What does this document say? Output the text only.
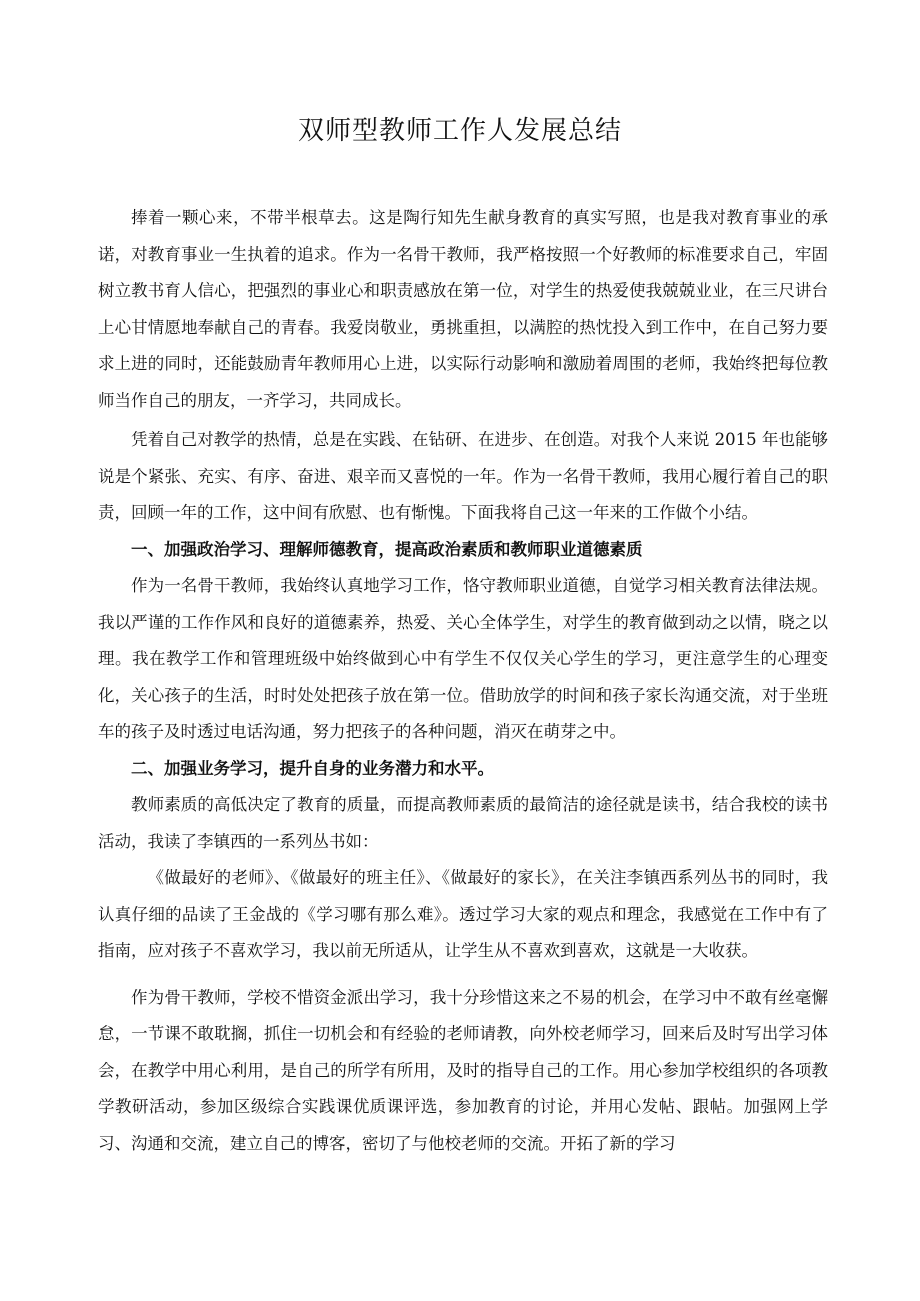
双师型教师工作人发展总结

捧着一颗心来，不带半根草去。这是陶行知先生献身教育的真实写照，也是我对教育事业的承诺，对教育事业一生执着的追求。作为一名骨干教师，我严格按照一个好教师的标准要求自己，牢固树立教书育人信心，把强烈的事业心和职责感放在第一位，对学生的热爱使我兢兢业业，在三尺讲台上心甘情愿地奉献自己的青春。我爱岗敬业，勇挑重担，以满腔的热忱投入到工作中，在自己努力要求上进的同时，还能鼓励青年教师用心上进，以实际行动影响和激励着周围的老师，我始终把每位教师当作自己的朋友，一齐学习，共同成长。

凭着自己对教学的热情，总是在实践、在钻研、在进步、在创造。对我个人来说 2015 年也能够说是个紧张、充实、有序、奋进、艰辛而又喜悦的一年。作为一名骨干教师，我用心履行着自己的职责，回顾一年的工作，这中间有欣慰、也有惭愧。下面我将自己这一年来的工作做个小结。

一、加强政治学习、理解师德教育，提高政治素质和教师职业道德素质

作为一名骨干教师，我始终认真地学习工作，恪守教师职业道德，自觉学习相关教育法律法规。我以严谨的工作作风和良好的道德素养，热爱、关心全体学生，对学生的教育做到动之以情，晓之以理。我在教学工作和管理班级中始终做到心中有学生不仅仅关心学生的学习，更注意学生的心理变化，关心孩子的生活，时时处处把孩子放在第一位。借助放学的时间和孩子家长沟通交流，对于坐班车的孩子及时透过电话沟通，努力把孩子的各种问题，消灭在萌芽之中。

二、加强业务学习，提升自身的业务潜力和水平。

教师素质的高低决定了教育的质量，而提高教师素质的最简洁的途径就是读书，结合我校的读书活动，我读了李镇西的一系列丛书如：

《做最好的老师》、《做最好的班主任》、《做最好的家长》，在关注李镇西系列丛书的同时，我认真仔细的品读了王金战的《学习哪有那么难》。透过学习大家的观点和理念，我感觉在工作中有了指南，应对孩子不喜欢学习，我以前无所适从，让学生从不喜欢到喜欢，这就是一大收获。

作为骨干教师，学校不惜资金派出学习，我十分珍惜这来之不易的机会，在学习中不敢有丝毫懈怠，一节课不敢耽搁，抓住一切机会和有经验的老师请教，向外校老师学习，回来后及时写出学习体会，在教学中用心利用，是自己的所学有所用，及时的指导自己的工作。用心参加学校组织的各项教学教研活动，参加区级综合实践课优质课评选，参加教育的讨论，并用心发帖、跟帖。加强网上学习、沟通和交流，建立自己的博客，密切了与他校老师的交流。开拓了新的学习
